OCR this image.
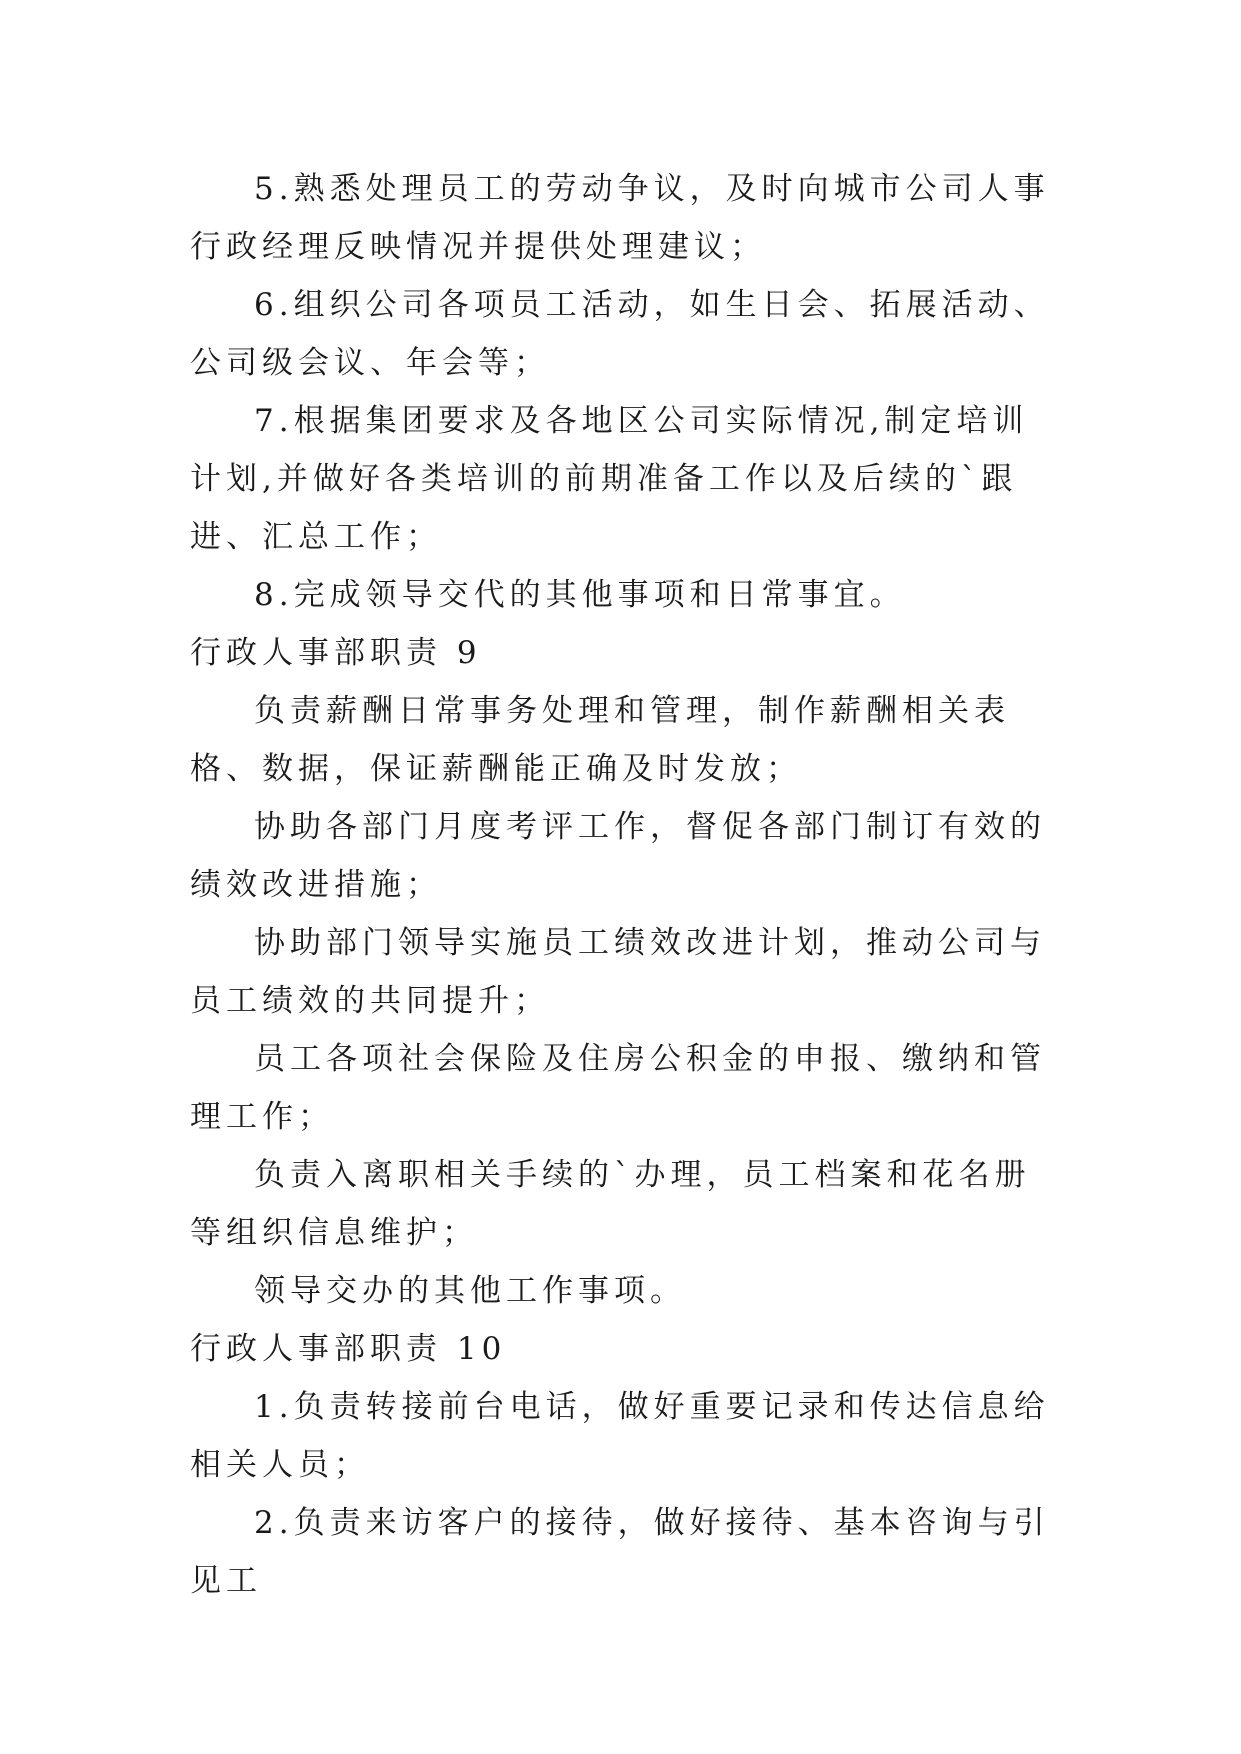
5.熟悉处理员工的劳动争议，及时向城市公司人事行政经理反映情况并提供处理建议；

6.组织公司各项员工活动，如生日会、拓展活动、公司级会议、年会等；

7.根据集团要求及各地区公司实际情况,制定培训计划,并做好各类培训的前期准备工作以及后续的`跟进、汇总工作；

8.完成领导交代的其他事项和日常事宜。

行政人事部职责 9

负责薪酬日常事务处理和管理，制作薪酬相关表格、数据，保证薪酬能正确及时发放；

协助各部门月度考评工作，督促各部门制订有效的绩效改进措施；

协助部门领导实施员工绩效改进计划，推动公司与员工绩效的共同提升；

员工各项社会保险及住房公积金的申报、缴纳和管理工作；

负责入离职相关手续的`办理，员工档案和花名册等组织信息维护；

领导交办的其他工作事项。

行政人事部职责 10

1.负责转接前台电话，做好重要记录和传达信息给相关人员；

2.负责来访客户的接待，做好接待、基本咨询与引见工
